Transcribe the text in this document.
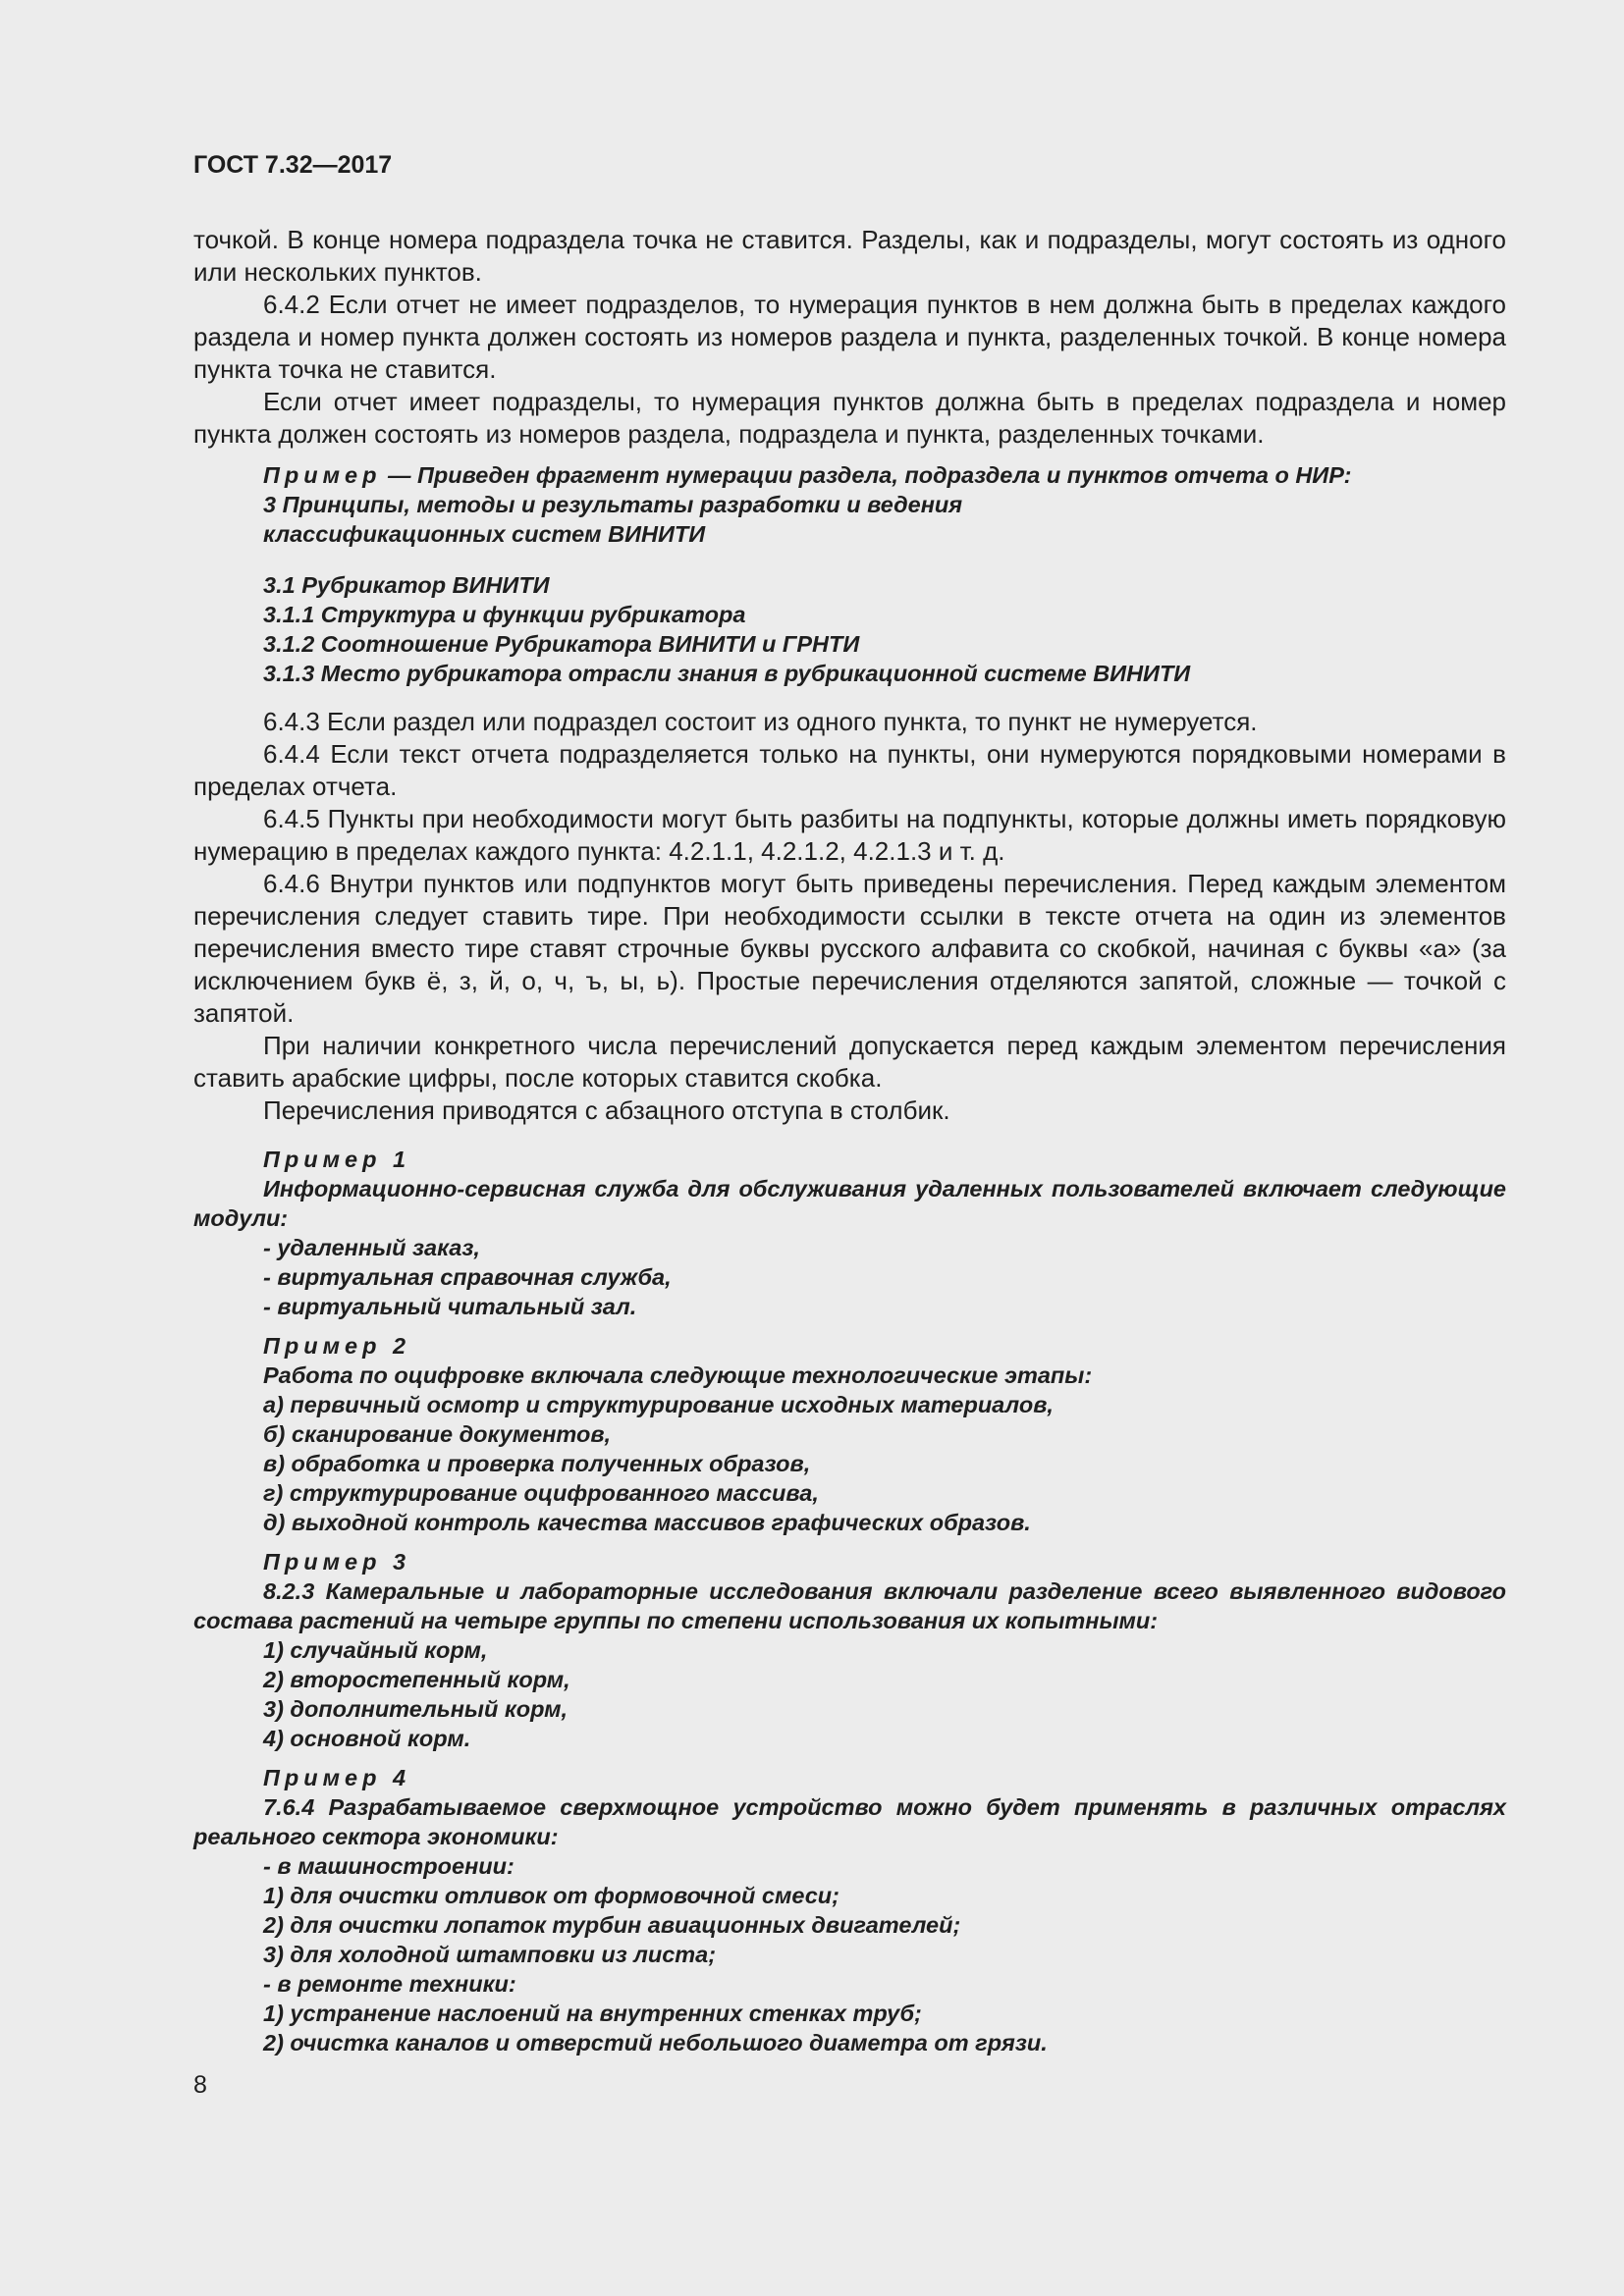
ГОСТ 7.32—2017

точкой. В конце номера подраздела точка не ставится. Разделы, как и подразделы, могут состоять из одного или нескольких пунктов.

6.4.2 Если отчет не имеет подразделов, то нумерация пунктов в нем должна быть в пределах каждого раздела и номер пункта должен состоять из номеров раздела и пункта, разделенных точкой. В конце номера пункта точка не ставится.

Если отчет имеет подразделы, то нумерация пунктов должна быть в пределах подраздела и номер пункта должен состоять из номеров раздела, подраздела и пункта, разделенных точками.

Пример — Приведен фрагмент нумерации раздела, подраздела и пунктов отчета о НИР:
3 Принципы, методы и результаты разработки и ведения
классификационных систем ВИНИТИ
3.1 Рубрикатор ВИНИТИ
3.1.1 Структура и функции рубрикатора
3.1.2 Соотношение Рубрикатора ВИНИТИ и ГРНТИ
3.1.3 Место рубрикатора отрасли знания в рубрикационной системе ВИНИТИ

6.4.3 Если раздел или подраздел состоит из одного пункта, то пункт не нумеруется.

6.4.4 Если текст отчета подразделяется только на пункты, они нумеруются порядковыми номерами в пределах отчета.

6.4.5 Пункты при необходимости могут быть разбиты на подпункты, которые должны иметь порядковую нумерацию в пределах каждого пункта: 4.2.1.1, 4.2.1.2, 4.2.1.3 и т. д.

6.4.6 Внутри пунктов или подпунктов могут быть приведены перечисления. Перед каждым элементом перечисления следует ставить тире. При необходимости ссылки в тексте отчета на один из элементов перечисления вместо тире ставят строчные буквы русского алфавита со скобкой, начиная с буквы «а» (за исключением букв ё, з, й, о, ч, ъ, ы, ь). Простые перечисления отделяются запятой, сложные — точкой с запятой.

При наличии конкретного числа перечислений допускается перед каждым элементом перечисления ставить арабские цифры, после которых ставится скобка.

Перечисления приводятся с абзацного отступа в столбик.

Пример 1

Информационно-сервисная служба для обслуживания удаленных пользователей включает следующие модули:

- удаленный заказ,
- виртуальная справочная служба,
- виртуальный читальный зал.
Пример 2
Работа по оцифровке включала следующие технологические этапы:
а) первичный осмотр и структурирование исходных материалов,
б) сканирование документов,
в) обработка и проверка полученных образов,
г) структурирование оцифрованного массива,
д) выходной контроль качества массивов графических образов.
Пример 3

8.2.3 Камеральные и лабораторные исследования включали разделение всего выявленного видового состава растений на четыре группы по степени использования их копытными:

1) случайный корм,
2) второстепенный корм,
3) дополнительный корм,
4) основной корм.
Пример 4

7.6.4 Разрабатываемое сверхмощное устройство можно будет применять в различных отраслях реального сектора экономики:

- в машиностроении:
1) для очистки отливок от формовочной смеси;
2) для очистки лопаток турбин авиационных двигателей;
3) для холодной штамповки из листа;
- в ремонте техники:
1) устранение наслоений на внутренних стенках труб;
2) очистка каналов и отверстий небольшого диаметра от грязи.
8
